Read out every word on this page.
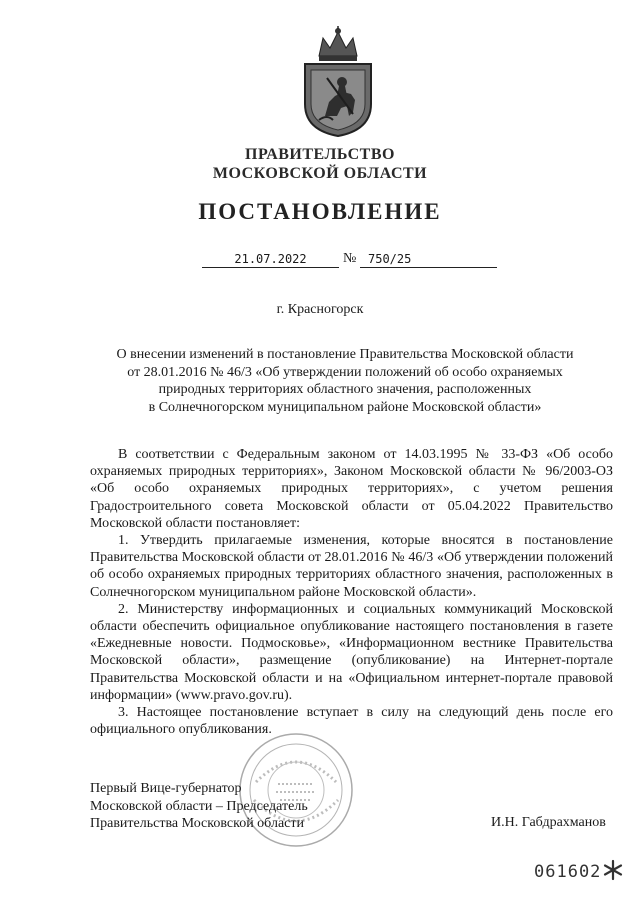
ПРАВИТЕЛЬСТВО
МОСКОВСКОЙ ОБЛАСТИ
ПОСТАНОВЛЕНИЕ
21.07.2022	№ 750/25

г. Красногорск

О внесении изменений в постановление Правительства Московской области
от 28.01.2016 № 46/3 «Об утверждении положений об особо охраняемых
природных территориях областного значения, расположенных
в Солнечногорском муниципальном районе Московской области»

В соответствии с Федеральным законом от 14.03.1995 № 33-ФЗ «Об особо охраняемых природных территориях», Законом Московской области № 96/2003-ОЗ «Об особо охраняемых природных территориях», с учетом решения Градостроительного совета Московской области от 05.04.2022 Правительство Московской области постановляет:

1. Утвердить прилагаемые изменения, которые вносятся в постановление Правительства Московской области от 28.01.2016 № 46/3 «Об утверждении положений об особо охраняемых природных территориях областного значения, расположенных в Солнечногорском муниципальном районе Московской области».

2. Министерству информационных и социальных коммуникаций Московской области обеспечить официальное опубликование настоящего постановления в газете «Ежедневные новости. Подмосковье», «Информационном вестнике Правительства Московской области», размещение (опубликование) на Интернет-портале Правительства Московской области и на «Официальном интернет-портале правовой информации» (www.pravo.gov.ru).

3. Настоящее постановление вступает в силу на следующий день после его официального опубликования.

Первый Вице-губернатор
Московской области – Председатель
Правительства Московской области	И.Н. Габдрахманов
061602
